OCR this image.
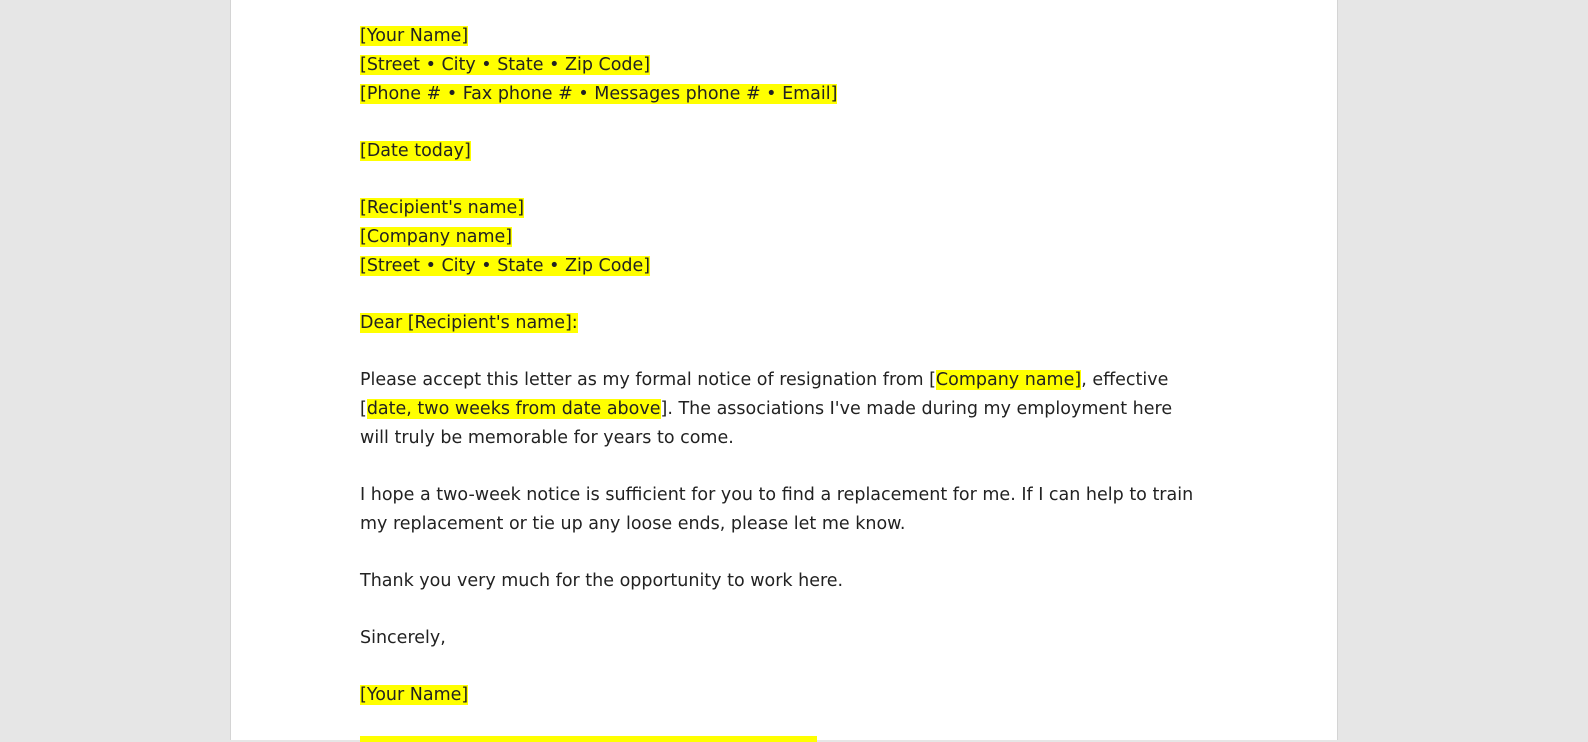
[Your Name]
[Street • City • State • Zip Code]
[Phone # • Fax phone # • Messages phone # • Email]
[Date today]
[Recipient's name]
[Company name]
[Street • City • State • Zip Code]
Dear [Recipient's name]:
Please accept this letter as my formal notice of resignation from [Company name], effective
[date, two weeks from date above]. The associations I've made during my employment here
will truly be memorable for years to come.
I hope a two-week notice is sufficient for you to find a replacement for me. If I can help to train
my replacement or tie up any loose ends, please let me know.
Thank you very much for the opportunity to work here.
Sincerely,
[Your Name]
